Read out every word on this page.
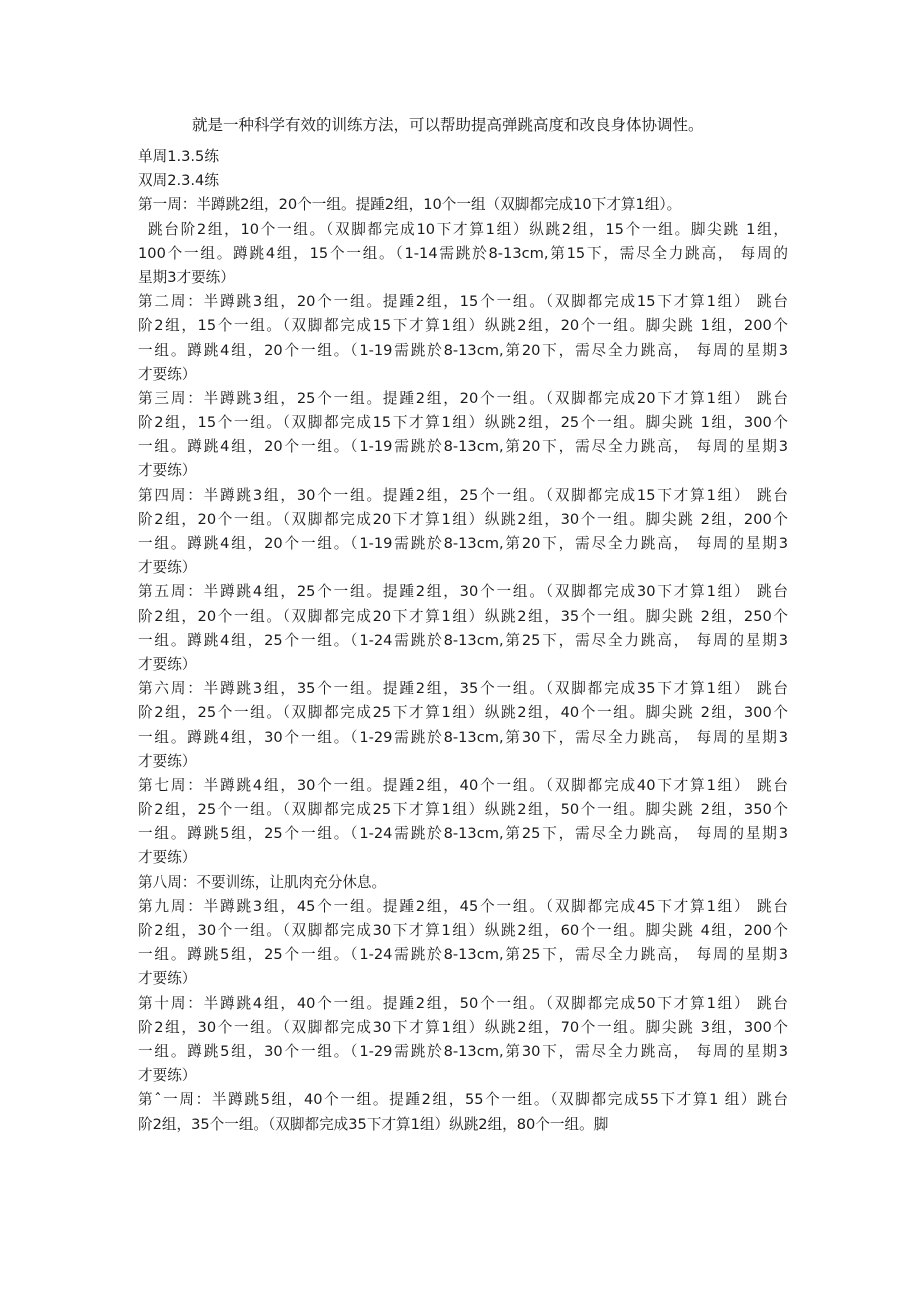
就是一种科学有效的训练方法，可以帮助提高弹跳高度和改良身体协调性。
单周1.3.5练
双周2.3.4练
第一周：半蹲跳2组，20个一组。提踵2组，10个一组（双脚都完成10下才算1组）。
跳台阶2组，10个一组。（双脚都完成10下才算1组）纵跳2组，15个一组。脚尖跳 1组，
100个一组。蹲跳4组，15个一组。（1-14需跳於8-13cm,第15下，需尽全力跳高， 每周的
星期3才要练）
第二周：半蹲跳3组，20个一组。提踵2组，15个一组。（双脚都完成15下才算1组） 跳台
阶2组，15个一组。（双脚都完成15下才算1组）纵跳2组，20个一组。脚尖跳 1组，200个
一组。蹲跳4组，20个一组。（1-19需跳於8-13cm,第20下，需尽全力跳高， 每周的星期3
才要练）
第三周：半蹲跳3组，25个一组。提踵2组，20个一组。（双脚都完成20下才算1组） 跳台
阶2组，15个一组。（双脚都完成15下才算1组）纵跳2组，25个一组。脚尖跳 1组，300个
一组。蹲跳4组，20个一组。（1-19需跳於8-13cm,第20下，需尽全力跳高， 每周的星期3
才要练）
第四周：半蹲跳3组，30个一组。提踵2组，25个一组。（双脚都完成15下才算1组） 跳台
阶2组，20个一组。（双脚都完成20下才算1组）纵跳2组，30个一组。脚尖跳 2组，200个
一组。蹲跳4组，20个一组。（1-19需跳於8-13cm,第20下，需尽全力跳高， 每周的星期3
才要练）
第五周：半蹲跳4组，25个一组。提踵2组，30个一组。（双脚都完成30下才算1组） 跳台
阶2组，20个一组。（双脚都完成20下才算1组）纵跳2组，35个一组。脚尖跳 2组，250个
一组。蹲跳4组，25个一组。（1-24需跳於8-13cm,第25下，需尽全力跳高， 每周的星期3
才要练）
第六周：半蹲跳3组，35个一组。提踵2组，35个一组。（双脚都完成35下才算1组） 跳台
阶2组，25个一组。（双脚都完成25下才算1组）纵跳2组，40个一组。脚尖跳 2组，300个
一组。蹲跳4组，30个一组。（1-29需跳於8-13cm,第30下，需尽全力跳高， 每周的星期3
才要练）
第七周：半蹲跳4组，30个一组。提踵2组，40个一组。（双脚都完成40下才算1组） 跳台
阶2组，25个一组。（双脚都完成25下才算1组）纵跳2组，50个一组。脚尖跳 2组，350个
一组。蹲跳5组，25个一组。（1-24需跳於8-13cm,第25下，需尽全力跳高， 每周的星期3
才要练）
第八周：不要训练，让肌肉充分休息。
第九周：半蹲跳3组，45个一组。提踵2组，45个一组。（双脚都完成45下才算1组） 跳台
阶2组，30个一组。（双脚都完成30下才算1组）纵跳2组，60个一组。脚尖跳 4组，200个
一组。蹲跳5组，25个一组。（1-24需跳於8-13cm,第25下，需尽全力跳高， 每周的星期3
才要练）
第十周：半蹲跳4组，40个一组。提踵2组，50个一组。（双脚都完成50下才算1组） 跳台
阶2组，30个一组。（双脚都完成30下才算1组）纵跳2组，70个一组。脚尖跳 3组，300个
一组。蹲跳5组，30个一组。（1-29需跳於8-13cm,第30下，需尽全力跳高， 每周的星期3
才要练）
第ˆ一周：半蹲跳5组，40个一组。提踵2组，55个一组。（双脚都完成55下才算1 组）跳台
阶2组，35个一组。（双脚都完成35下才算1组）纵跳2组，80个一组。脚
